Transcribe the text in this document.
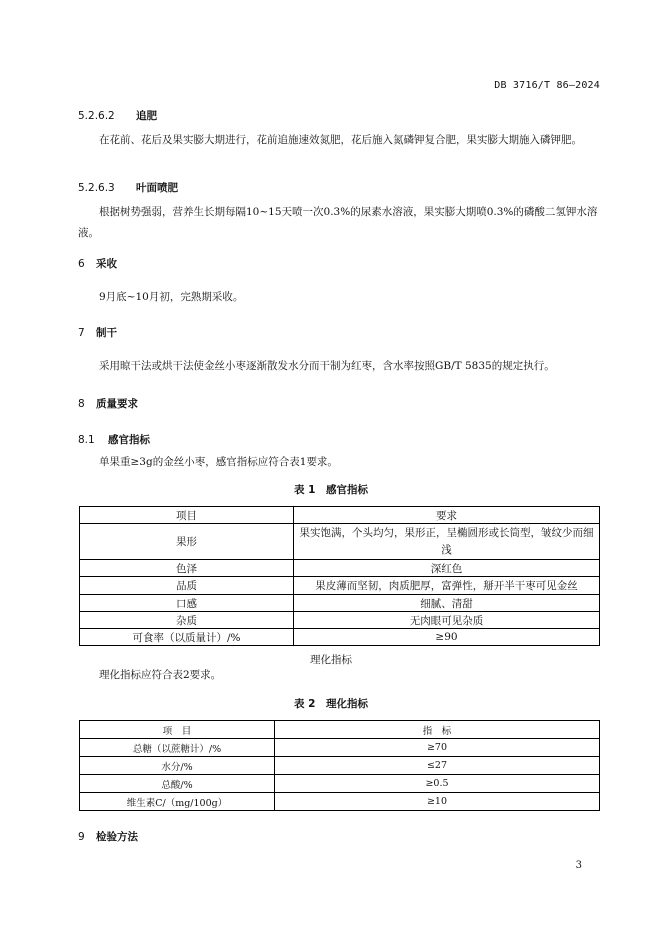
DB 3716/T 86—2024
5.2.6.2 追肥
在花前、花后及果实膨大期进行，花前追施速效氮肥，花后施入氮磷钾复合肥，果实膨大期施入磷钾肥。
5.2.6.3 叶面喷肥
根据树势强弱，营养生长期每隔10~15天喷一次0.3%的尿素水溶液，果实膨大期喷0.3%的磷酸二氢钾水溶液。
6 采收
9月底~10月初，完熟期采收。
7 制干
采用晾干法或烘干法使金丝小枣逐渐散发水分而干制为红枣，含水率按照GB/T 5835的规定执行。
8 质量要求
8.1 感官指标
单果重≥3g的金丝小枣，感官指标应符合表1要求。
表 1　感官指标
项目	要求
果形	果实饱满，个头均匀，果形正，呈椭圆形或长筒型，皱纹少而细浅
色泽	深红色
品质	果皮薄而坚韧，肉质肥厚，富弹性，掰开半干枣可见金丝
口感	细腻、清甜
杂质	无肉眼可见杂质
可食率（以质量计）/%	≥90
理化指标
理化指标应符合表2要求。
表 2　理化指标
项　目	指　标
总糖（以蔗糖计）/%	≥70
水分/%	≤27
总酸/%	≥0.5
维生素C/（mg/100g）	≥10
9 检验方法
3
